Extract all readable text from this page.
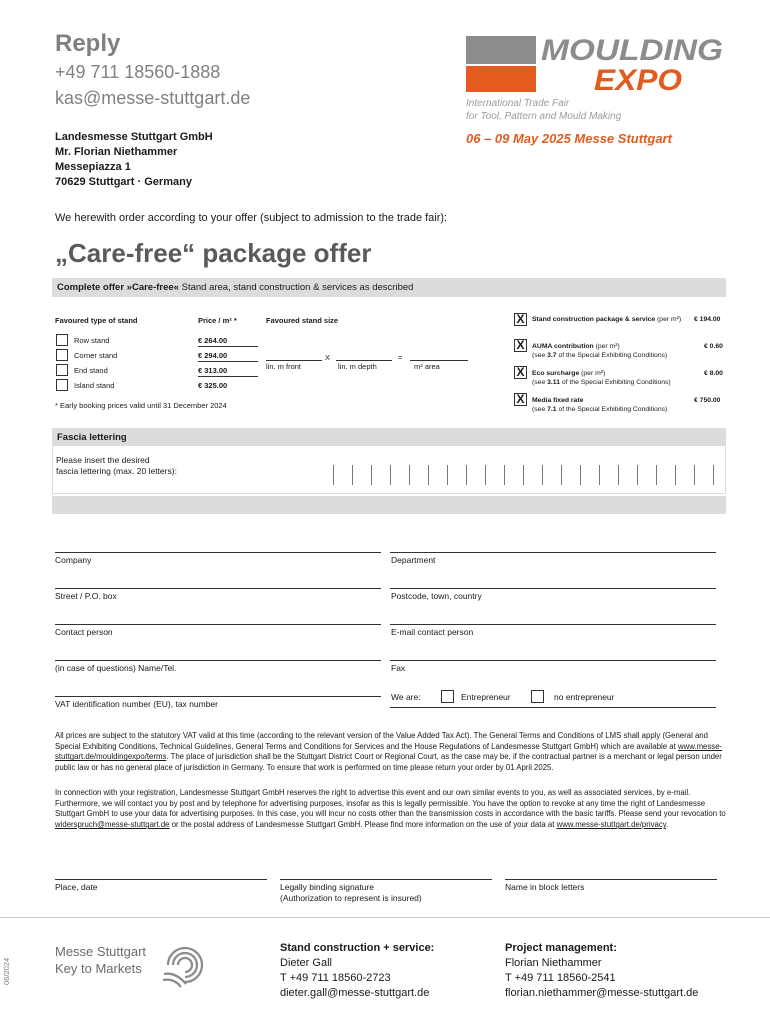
Reply
+49 711 18560-1888
kas@messe-stuttgart.de
Landesmesse Stuttgart GmbH
Mr. Florian Niethammer
Messepiazza 1
70629 Stuttgart · Germany
MOULDING
EXPO
International Trade Fair
for Tool, Pattern and Mould Making
06 – 09 May 2025 Messe Stuttgart
We herewith order according to your offer (subject to admission to the trade fair):
„Care-free“ package offer
Complete offer »Care-free« Stand area, stand construction & services as described
Favoured type of stand	Price / m² *
Row stand	€ 264.00
Corner stand	€ 294.00
End stand	€ 313.00
Island stand	€ 325.00
* Early booking prices valid until 31 December 2024
Favoured stand size
X	=
lin. m front	lin. m depth	m² area
X	Stand construction package & service (per m²) € 194.00
X	AUMA contribution (per m²)	€ 0.60
(see 3.7 of the Special Exhibiting Conditions)
X	Eco surcharge (per m²)	€ 8.00
(see 3.11 of the Special Exhibiting Conditions)
X	Media fixed rate	€ 750.00
(see 7.1 of the Special Exhibiting Conditions)
Fascia lettering
Please insert the desired
fascia lettering (max. 20 letters):
Company	Department
Street / P.O. box	Postcode, town, country
Contact person	E-mail contact person
(in case of questions) Name/Tel.	Fax
VAT identification number (EU), tax number
We are:	Entrepreneur	no entrepreneur
All prices are subject to the statutory VAT valid at this time (according to the relevant version of the Value Added Tax Act). The General Terms and Conditions of LMS shall apply (General and Special Exhibiting Conditions, Technical Guidelines, General Terms and Conditions for Services and the House Regulations of Landesmesse Stuttgart GmbH) which are available at www.messe-stuttgart.de/mouldingexpo/terms. The place of jurisdiction shall be the Stuttgart District Court or Regional Court, as the case may be, if the contractual partner is a merchant or legal person under public law or has no general place of jurisdiction in Germany. To ensure that work is performed on time please return your order by 01 April 2025.
In connection with your registration, Landesmesse Stuttgart GmbH reserves the right to advertise this event and our own similar events to you, as well as associated services, by e-mail. Furthermore, we will contact you by post and by telephone for advertising purposes, insofar as this is legally permissible. You have the option to revoke at any time the right of Landesmesse Stuttgart GmbH to use your data for advertising purposes. In this case, you will incur no costs other than the transmission costs in accordance with the basic tariffs. Please send your revocation to widerspruch@messe-stuttgart.de or the postal address of Landesmesse Stuttgart GmbH. Please find more information on the use of your data at www.messe-stuttgart.de/privacy.
Place, date	Legally binding signature
(Authorization to represent is insured)
Name in block letters
06/2024
Messe Stuttgart
Key to Markets
Stand construction + service:
Dieter Gall
T +49 711 18560-2723
dieter.gall@messe-stuttgart.de
Project management:
Florian Niethammer
T +49 711 18560-2541
florian.niethammer@messe-stuttgart.de
